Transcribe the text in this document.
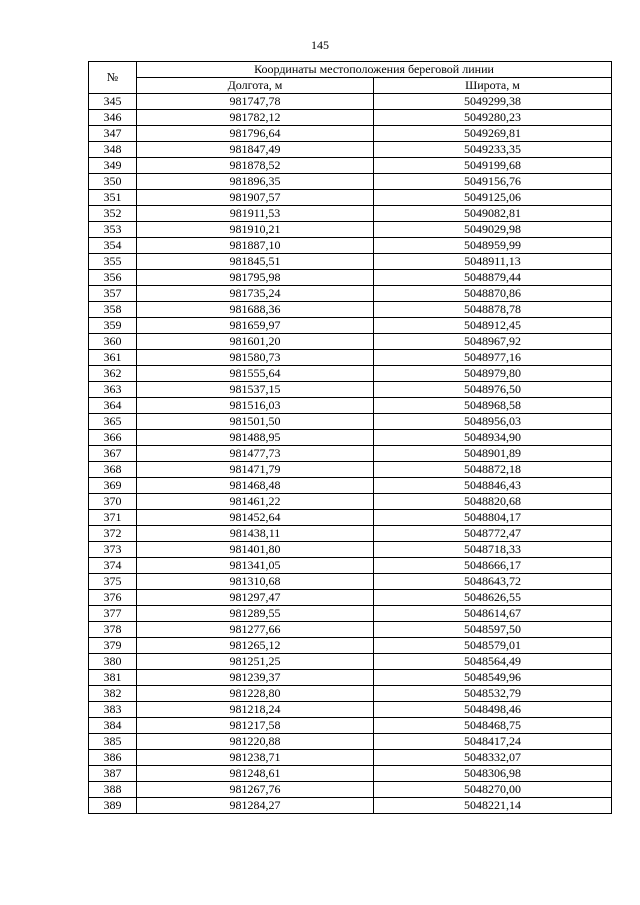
145
№	Координаты местоположения береговой линии	
	Долгота, м	Широта, м
345	981747,78	5049299,38
346	981782,12	5049280,23
347	981796,64	5049269,81
348	981847,49	5049233,35
349	981878,52	5049199,68
350	981896,35	5049156,76
351	981907,57	5049125,06
352	981911,53	5049082,81
353	981910,21	5049029,98
354	981887,10	5048959,99
355	981845,51	5048911,13
356	981795,98	5048879,44
357	981735,24	5048870,86
358	981688,36	5048878,78
359	981659,97	5048912,45
360	981601,20	5048967,92
361	981580,73	5048977,16
362	981555,64	5048979,80
363	981537,15	5048976,50
364	981516,03	5048968,58
365	981501,50	5048956,03
366	981488,95	5048934,90
367	981477,73	5048901,89
368	981471,79	5048872,18
369	981468,48	5048846,43
370	981461,22	5048820,68
371	981452,64	5048804,17
372	981438,11	5048772,47
373	981401,80	5048718,33
374	981341,05	5048666,17
375	981310,68	5048643,72
376	981297,47	5048626,55
377	981289,55	5048614,67
378	981277,66	5048597,50
379	981265,12	5048579,01
380	981251,25	5048564,49
381	981239,37	5048549,96
382	981228,80	5048532,79
383	981218,24	5048498,46
384	981217,58	5048468,75
385	981220,88	5048417,24
386	981238,71	5048332,07
387	981248,61	5048306,98
388	981267,76	5048270,00
389	981284,27	5048221,14
